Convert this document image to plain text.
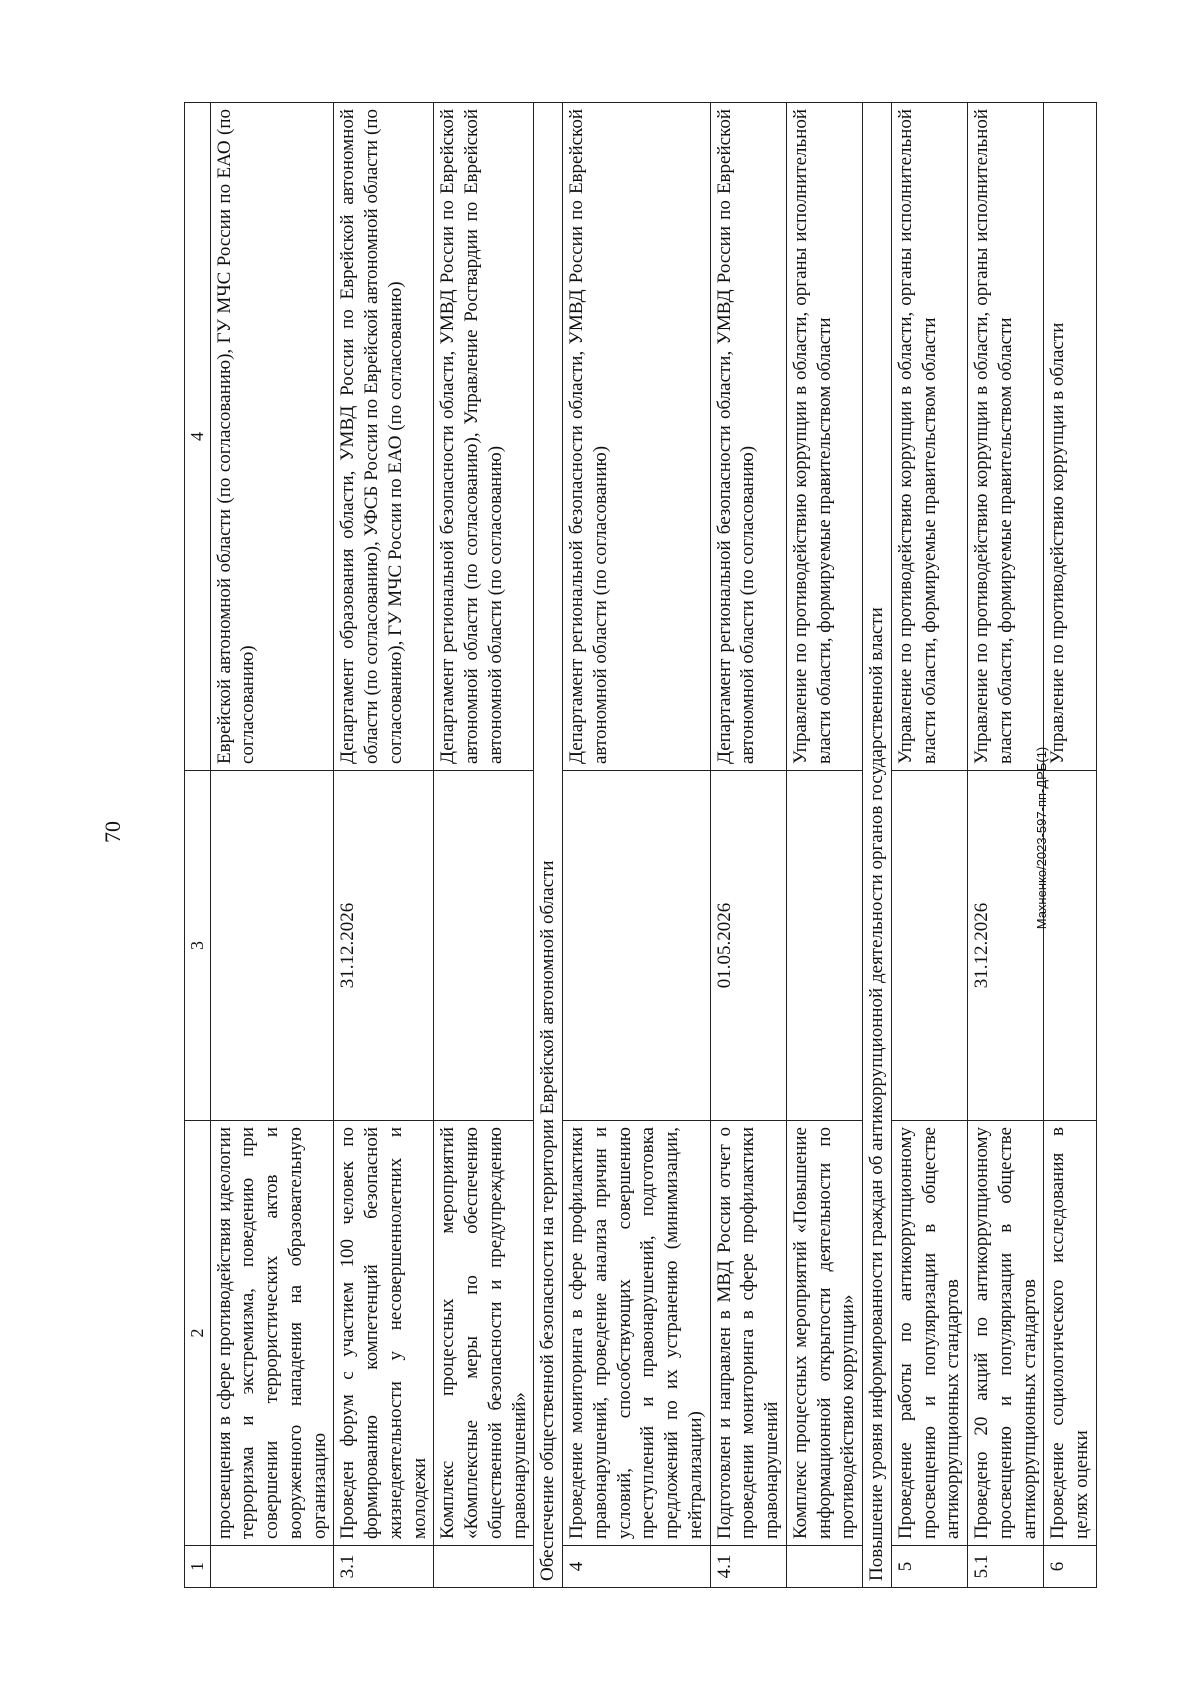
70
1	2	3	4
	просвещения в сфере противодействия идеологии терроризма и экстремизма, поведению при совершении террористических актов и вооруженного нападения на образовательную организацию		Еврейской автономной области (по согласованию), ГУ МЧС России по ЕАО (по согласованию)
3.1	Проведен форум с участием 100 человек по формированию компетенций безопасной жизнедеятельности у несовершеннолетних и молодежи	31.12.2026	Департамент образования области, УМВД России по Еврейской автономной области (по согласованию), УФСБ России по Еврейской автономной области (по согласованию), ГУ МЧС России по ЕАО (по согласованию)
	Комплекс процессных мероприятий «Комплексные меры по обеспечению общественной безопасности и предупреждению правонарушений»		Департамент региональной безопасности области, УМВД России по Еврейской автономной области (по согласованию), Управление Росгвардии по Еврейской автономной области (по согласованию)
Обеспечение общественной безопасности на территории Еврейской автономной области			
4	Проведение мониторинга в сфере профилактики правонарушений, проведение анализа причин и условий, способствующих совершению преступлений и правонарушений, подготовка предложений по их устранению (минимизации, нейтрализации)		Департамент региональной безопасности области, УМВД России по Еврейской автономной области (по согласованию)
4.1	Подготовлен и направлен в МВД России отчет о проведении мониторинга в сфере профилактики правонарушений	01.05.2026	Департамент региональной безопасности области, УМВД России по Еврейской автономной области (по согласованию)
	Комплекс процессных мероприятий «Повышение информационной открытости деятельности по противодействию коррупции»		Управление по противодействию коррупции в области, органы исполнительной власти области, формируемые правительством области
Повышение уровня информированности граждан об антикоррупционной деятельности органов государственной власти			
5	Проведение работы по антикоррупционному просвещению и популяризации в обществе антикоррупционных стандартов		Управление по противодействию коррупции в области, органы исполнительной власти области, формируемые правительством области
5.1	Проведено 20 акций по антикоррупционному просвещению и популяризации в обществе антикоррупционных стандартов	31.12.2026	Управление по противодействию коррупции в области, органы исполнительной власти области, формируемые правительством области
6	Проведение социологического исследования в целях оценки		Управление по противодействию коррупции в области
Махненко/2023-597-пп-ДРБ(1)
